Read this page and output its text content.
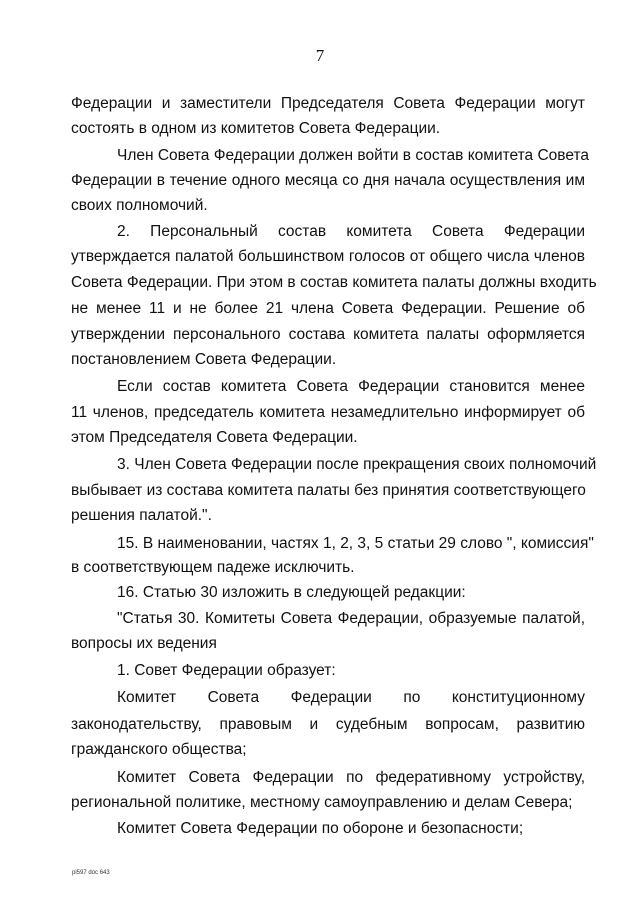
7
Федерации и заместители Председателя Совета Федерации могут
состоять в одном из комитетов Совета Федерации.
Член Совета Федерации должен войти в состав комитета Совета
Федерации в течение одного месяца со дня начала осуществления им
своих полномочий.
2. Персональный состав комитета Совета Федерации
утверждается палатой большинством голосов от общего числа членов
Совета Федерации. При этом в состав комитета палаты должны входить
не менее 11 и не более 21 члена Совета Федерации. Решение об
утверждении персонального состава комитета палаты оформляется
постановлением Совета Федерации.
Если состав комитета Совета Федерации становится менее
11 членов, председатель комитета незамедлительно информирует об
этом Председателя Совета Федерации.
3. Член Совета Федерации после прекращения своих полномочий
выбывает из состава комитета палаты без принятия соответствующего
решения палатой.".
15. В наименовании, частях 1, 2, 3, 5 статьи 29 слово ", комиссия"
в соответствующем падеже исключить.
16. Статью 30 изложить в следующей редакции:
"Статья 30. Комитеты Совета Федерации, образуемые палатой,
вопросы их ведения
1. Совет Федерации образует:
Комитет Совета Федерации по конституционному
законодательству, правовым и судебным вопросам, развитию
гражданского общества;
Комитет Совета Федерации по федеративному устройству,
региональной политике, местному самоуправлению и делам Севера;
Комитет Совета Федерации по обороне и безопасности;
pl597 doc 643
